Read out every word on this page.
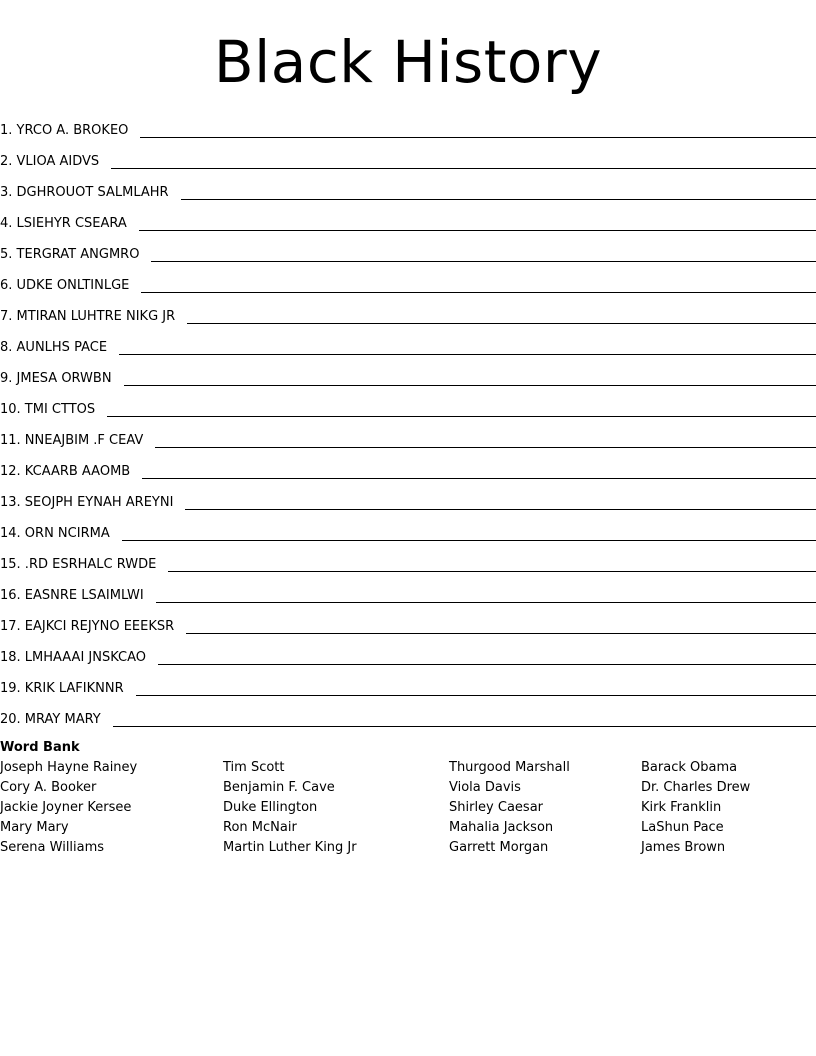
Black History
1. YRCO A. BROKEO
2. VLIOA AIDVS
3. DGHROUOT SALMLAHR
4. LSIEHYR CSEARA
5. TERGRAT ANGMRO
6. UDKE ONLTINLGE
7. MTIRAN LUHTRE NIKG JR
8. AUNLHS PACE
9. JMESA ORWBN
10. TMI CTTOS
11. NNEAJBIM .F CEAV
12. KCAARB AAOMB
13. SEOJPH EYNAH AREYNI
14. ORN NCIRMA
15. .RD ESRHALC RWDE
16. EASNRE LSAIMLWI
17. EAJKCI REJYNO EEEKSR
18. LMHAAAI JNSKCAO
19. KRIK LAFIKNNR
20. MRAY MARY
Word Bank
Joseph Hayne Rainey
Cory A. Booker
Jackie Joyner Kersee
Mary Mary
Serena Williams
Tim Scott
Benjamin F. Cave
Duke Ellington
Ron McNair
Martin Luther King Jr
Thurgood Marshall
Viola Davis
Shirley Caesar
Mahalia Jackson
Garrett Morgan
Barack Obama
Dr. Charles Drew
Kirk Franklin
LaShun Pace
James Brown
